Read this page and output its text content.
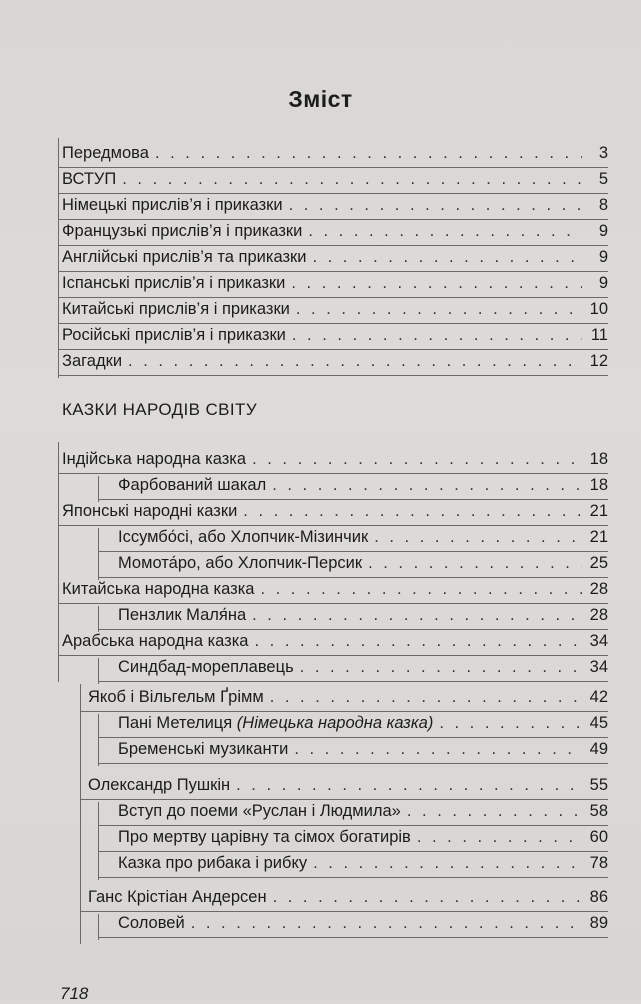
Зміст
Передмова . . .	3
ВСТУП . . .	5
Німецькі прислів’я і приказки . . .	8
Французькі прислів’я і приказки . . .	9
Англійські прислів’я та приказки . . .	9
Іспанські прислів’я і приказки . . .	9
Китайські прислів’я і приказки . . .	10
Російські прислів’я і приказки . . .	11
Загадки . . .	12
КАЗКИ НАРОДІВ СВІТУ
Індійська народна казка . . .	18
Фарбований шакал . . .	18
Японські народні казки . . .	21
Іссумбо́сі, або Хлопчик-Мізинчик . . .	21
Момота́ро, або Хлопчик-Персик . . .	25
Китайська народна казка . . .	28
Пензлик Маля́на . . .	28
Арабська народна казка . . .	34
Синдбад-мореплавець . . .	34
Якоб і Вільгельм Ґрімм . . .	42
Пані Метелиця (Німецька народна казка) . . .	45
Бременські музиканти . . .	49
Олександр Пушкін . . .	55
Вступ до поеми «Руслан і Людмила» . . .	58
Про мертву царівну та сімох богатирів . . .	60
Казка про рибака і рибку . . .	78
Ганс Крістіан Андерсен . . .	86
Соловей . . .	89
718
